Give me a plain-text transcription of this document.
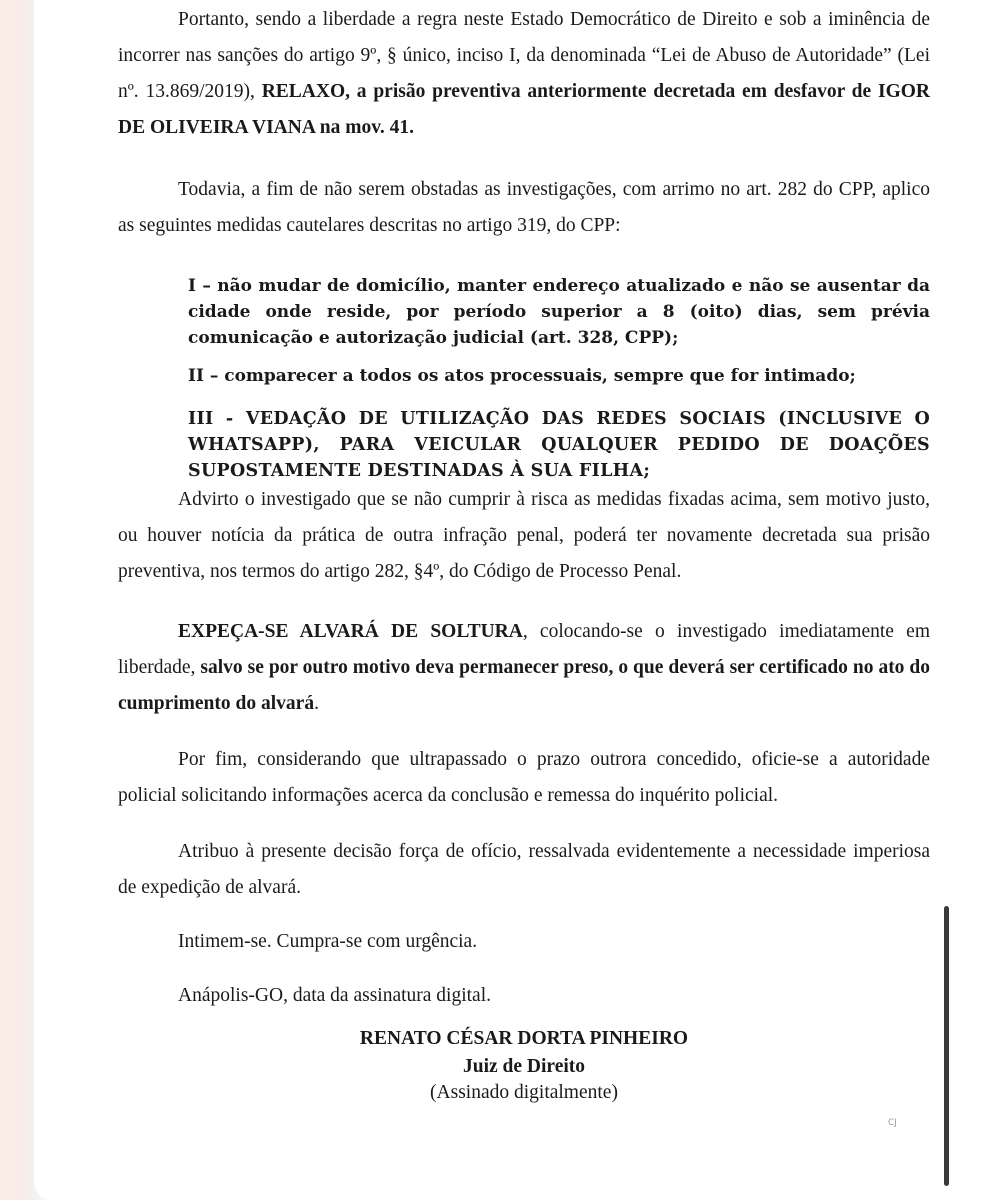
Portanto, sendo a liberdade a regra neste Estado Democrático de Direito e sob a iminência de incorrer nas sanções do artigo 9º, § único, inciso I, da denominada “Lei de Abuso de Autoridade” (Lei nº. 13.869/2019), RELAXO, a prisão preventiva anteriormente decretada em desfavor de IGOR DE OLIVEIRA VIANA na mov. 41.

Todavia, a fim de não serem obstadas as investigações, com arrimo no art. 282 do CPP, aplico as seguintes medidas cautelares descritas no artigo 319, do CPP:

I – não mudar de domicílio, manter endereço atualizado e não se ausentar da cidade onde reside, por período superior a 8 (oito) dias, sem prévia comunicação e autorização judicial (art. 328, CPP);

II – comparecer a todos os atos processuais, sempre que for intimado;

III - VEDAÇÃO DE UTILIZAÇÃO DAS REDES SOCIAIS (INCLUSIVE O WHATSAPP), PARA VEICULAR QUALQUER PEDIDO DE DOAÇÕES SUPOSTAMENTE DESTINADAS À SUA FILHA;

Advirto o investigado que se não cumprir à risca as medidas fixadas acima, sem motivo justo, ou houver notícia da prática de outra infração penal, poderá ter novamente decretada sua prisão preventiva, nos termos do artigo 282, §4º, do Código de Processo Penal.

EXPEÇA-SE ALVARÁ DE SOLTURA, colocando-se o investigado imediatamente em liberdade, salvo se por outro motivo deva permanecer preso, o que deverá ser certificado no ato do cumprimento do alvará.

Por fim, considerando que ultrapassado o prazo outrora concedido, oficie-se a autoridade policial solicitando informações acerca da conclusão e remessa do inquérito policial.

Atribuo à presente decisão força de ofício, ressalvada evidentemente a necessidade imperiosa de expedição de alvará.

Intimem-se. Cumpra-se com urgência.

Anápolis-GO, data da assinatura digital.

RENATO CÉSAR DORTA PINHEIRO
Juiz de Direito
(Assinado digitalmente)
CJ
